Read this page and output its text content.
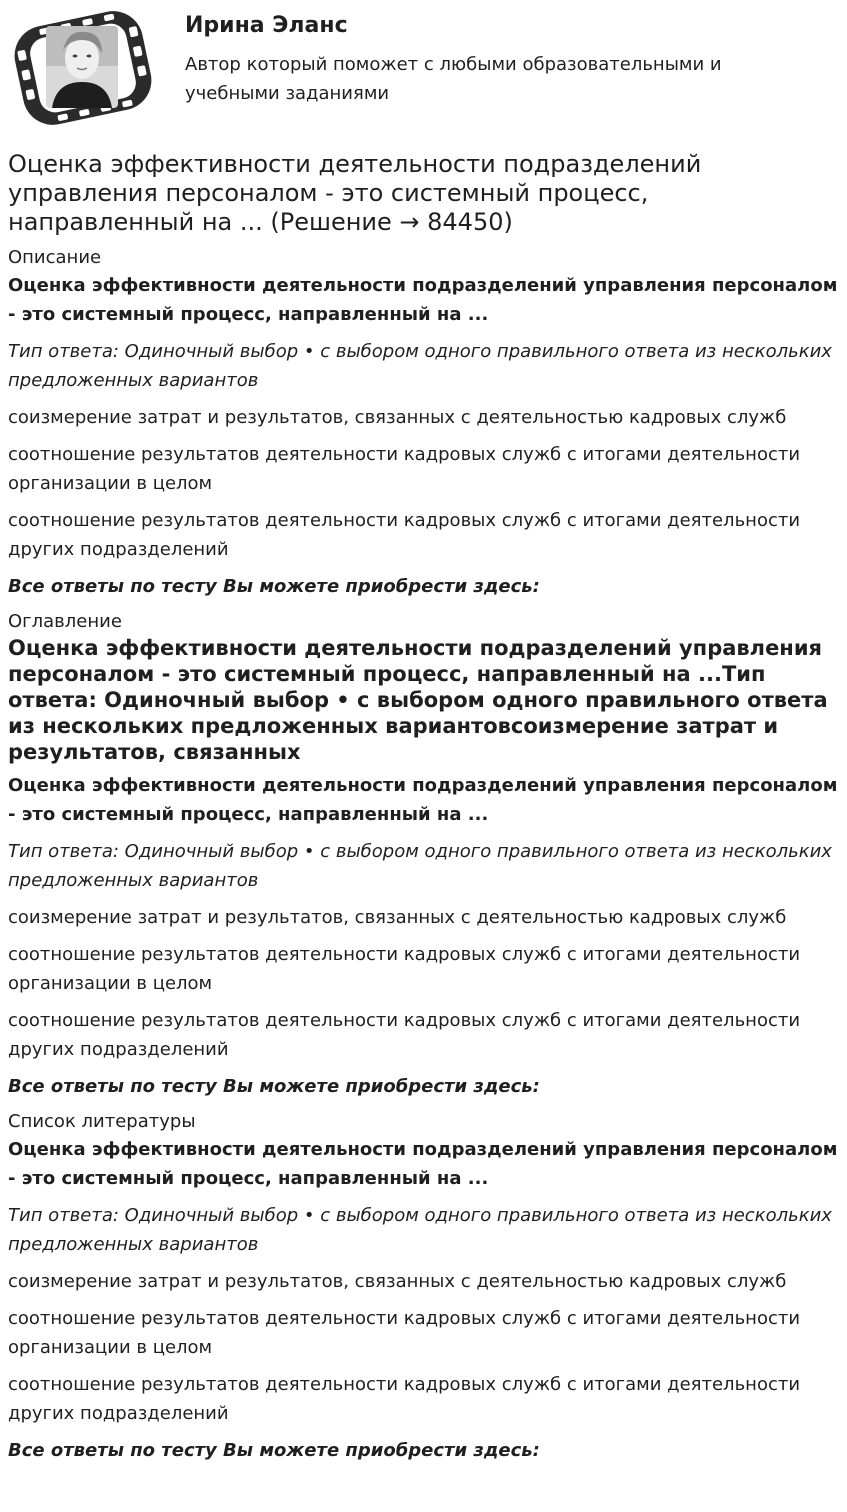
Ирина Эланс

Автор который поможет с любыми образовательными и учебными заданиями

Оценка эффективности деятельности подразделений управления персоналом - это системный процесс, направленный на ... (Решение → 84450)

Описание

Оценка эффективности деятельности подразделений управления персоналом - это системный процесс, направленный на ...

Тип ответа: Одиночный выбор • с выбором одного правильного ответа из нескольких предложенных вариантов

соизмерение затрат и результатов, связанных с деятельностью кадровых служб

соотношение результатов деятельности кадровых служб с итогами деятельности организации в целом

соотношение результатов деятельности кадровых служб с итогами деятельности других подразделений

Все ответы по тесту Вы можете приобрести здесь:

Оглавление

Оценка эффективности деятельности подразделений управления персоналом - это системный процесс, направленный на ...Тип ответа: Одиночный выбор • с выбором одного правильного ответа из нескольких предложенных вариантовсоизмерение затрат и результатов, связанных

Оценка эффективности деятельности подразделений управления персоналом - это системный процесс, направленный на ...

Тип ответа: Одиночный выбор • с выбором одного правильного ответа из нескольких предложенных вариантов

соизмерение затрат и результатов, связанных с деятельностью кадровых служб

соотношение результатов деятельности кадровых служб с итогами деятельности организации в целом

соотношение результатов деятельности кадровых служб с итогами деятельности других подразделений

Все ответы по тесту Вы можете приобрести здесь:

Список литературы

Оценка эффективности деятельности подразделений управления персоналом - это системный процесс, направленный на ...

Тип ответа: Одиночный выбор • с выбором одного правильного ответа из нескольких предложенных вариантов

соизмерение затрат и результатов, связанных с деятельностью кадровых служб

соотношение результатов деятельности кадровых служб с итогами деятельности организации в целом

соотношение результатов деятельности кадровых служб с итогами деятельности других подразделений

Все ответы по тесту Вы можете приобрести здесь:
